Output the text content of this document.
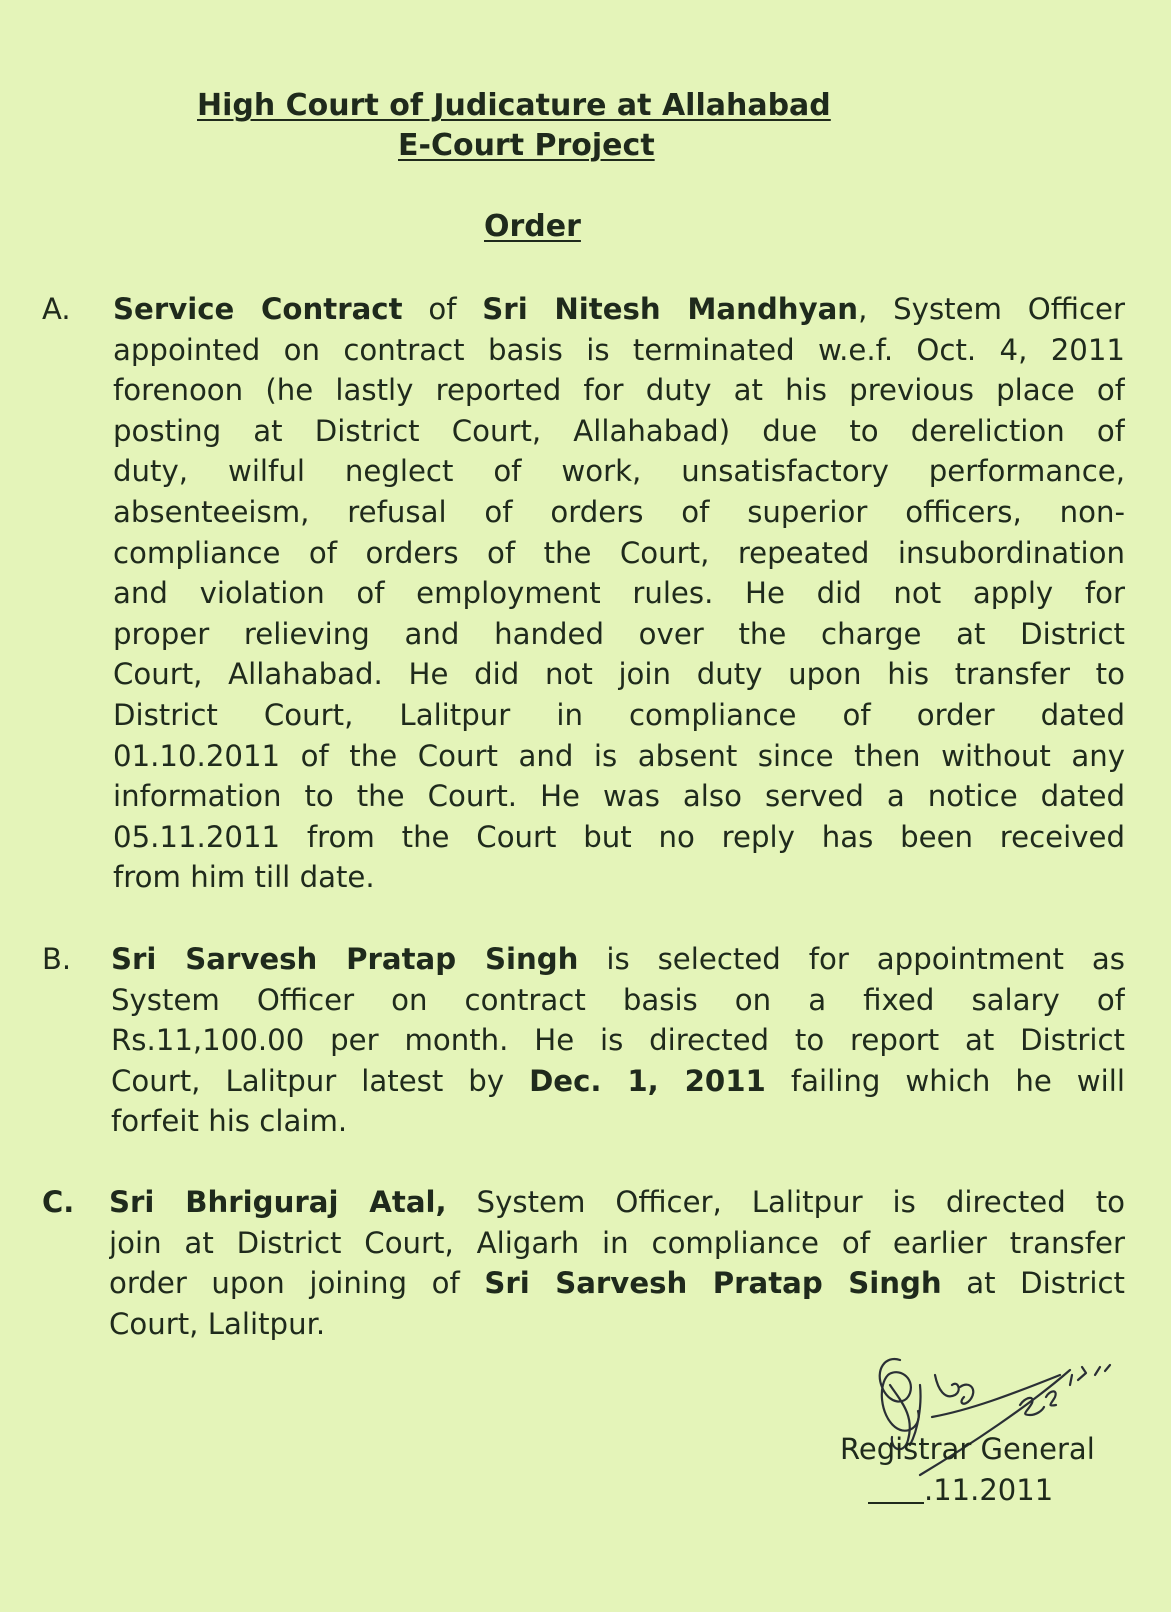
High Court of Judicature at Allahabad
E-Court Project
Order
A. Service Contract of Sri Nitesh Mandhyan, System Officer
appointed on contract basis is terminated w.e.f. Oct. 4, 2011
forenoon (he lastly reported for duty at his previous place of
posting at District Court, Allahabad) due to dereliction of
duty, wilful neglect of work, unsatisfactory performance,
absenteeism, refusal of orders of superior officers, non-
compliance of orders of the Court, repeated insubordination
and violation of employment rules. He did not apply for
proper relieving and handed over the charge at District
Court, Allahabad. He did not join duty upon his transfer to
District Court, Lalitpur in compliance of order dated
01.10.2011 of the Court and is absent since then without any
information to the Court. He was also served a notice dated
05.11.2011 from the Court but no reply has been received
from him till date.
B. Sri Sarvesh Pratap Singh is selected for appointment as
System Officer on contract basis on a fixed salary of
Rs.11,100.00 per month. He is directed to report at District
Court, Lalitpur latest by Dec. 1, 2011 failing which he will
forfeit his claim.
C. Sri Bhriguraj Atal, System Officer, Lalitpur is directed to
join at District Court, Aligarh in compliance of earlier transfer
order upon joining of Sri Sarvesh Pratap Singh at District
Court, Lalitpur.
Registrar General
.11.2011
